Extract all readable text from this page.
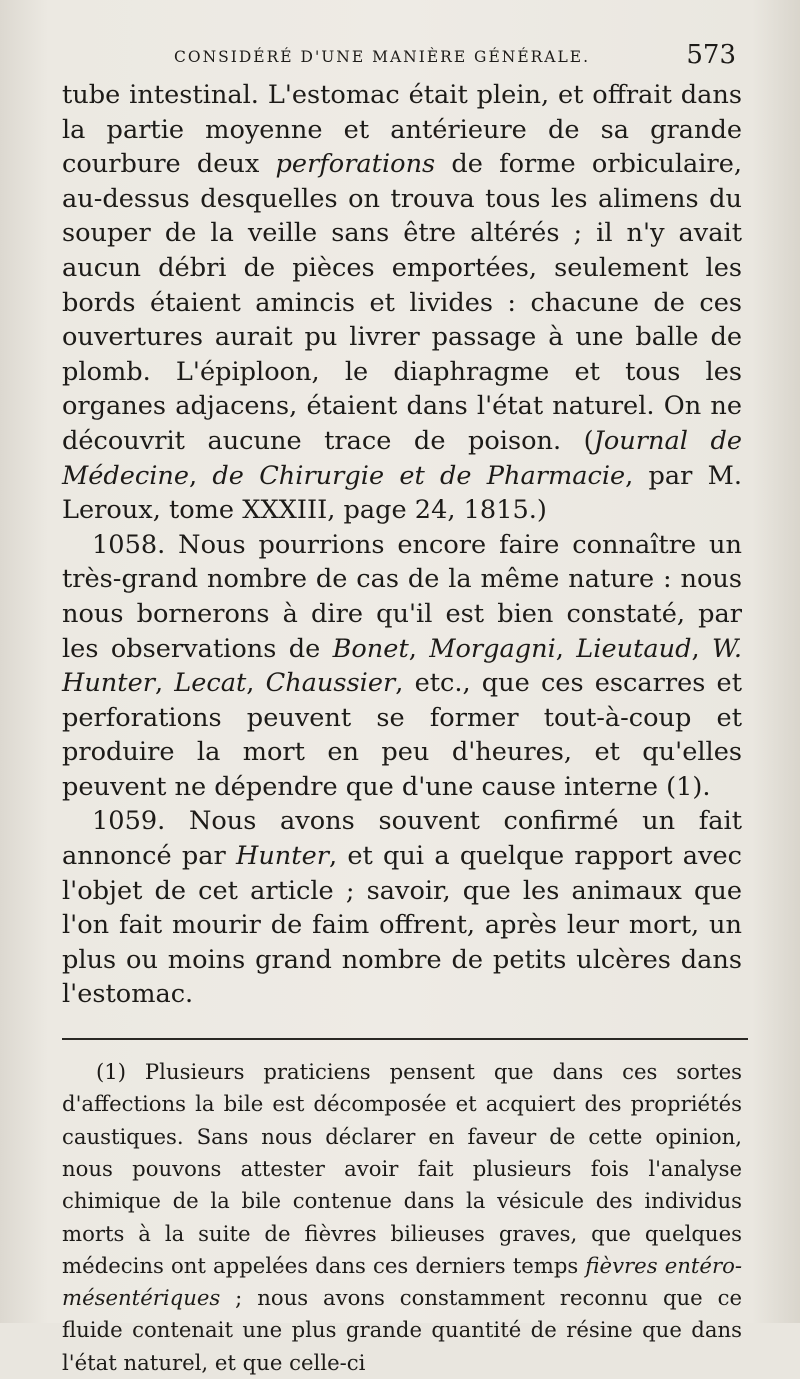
CONSIDÉRÉ D'UNE MANIÈRE GÉNÉRALE.	573

tube intestinal. L'estomac était plein, et offrait dans la partie moyenne et antérieure de sa grande courbure deux perforations de forme orbiculaire, au-dessus desquelles on trouva tous les alimens du souper de la veille sans être altérés ; il n'y avait aucun débri de pièces emportées, seulement les bords étaient amincis et livides : chacune de ces ouvertures aurait pu livrer passage à une balle de plomb. L'épiploon, le diaphragme et tous les organes adjacens, étaient dans l'état naturel. On ne découvrit aucune trace de poison. (Journal de Médecine, de Chirurgie et de Pharmacie, par M. Leroux, tome XXXIII, page 24, 1815.)

1058. Nous pourrions encore faire connaître un très-grand nombre de cas de la même nature : nous nous bornerons à dire qu'il est bien constaté, par les observations de Bonet, Morgagni, Lieutaud, W. Hunter, Lecat, Chaussier, etc., que ces escarres et perforations peuvent se former tout-à-coup et produire la mort en peu d'heures, et qu'elles peuvent ne dépendre que d'une cause interne (1).

1059. Nous avons souvent confirmé un fait annoncé par Hunter, et qui a quelque rapport avec l'objet de cet article ; savoir, que les animaux que l'on fait mourir de faim offrent, après leur mort, un plus ou moins grand nombre de petits ulcères dans l'estomac.

(1) Plusieurs praticiens pensent que dans ces sortes d'affections la bile est décomposée et acquiert des propriétés caustiques. Sans nous déclarer en faveur de cette opinion, nous pouvons attester avoir fait plusieurs fois l'analyse chimique de la bile contenue dans la vésicule des individus morts à la suite de fièvres bilieuses graves, que quelques médecins ont appelées dans ces derniers temps fièvres entéro-mésentériques ; nous avons constamment reconnu que ce fluide contenait une plus grande quantité de résine que dans l'état naturel, et que celle-ci
